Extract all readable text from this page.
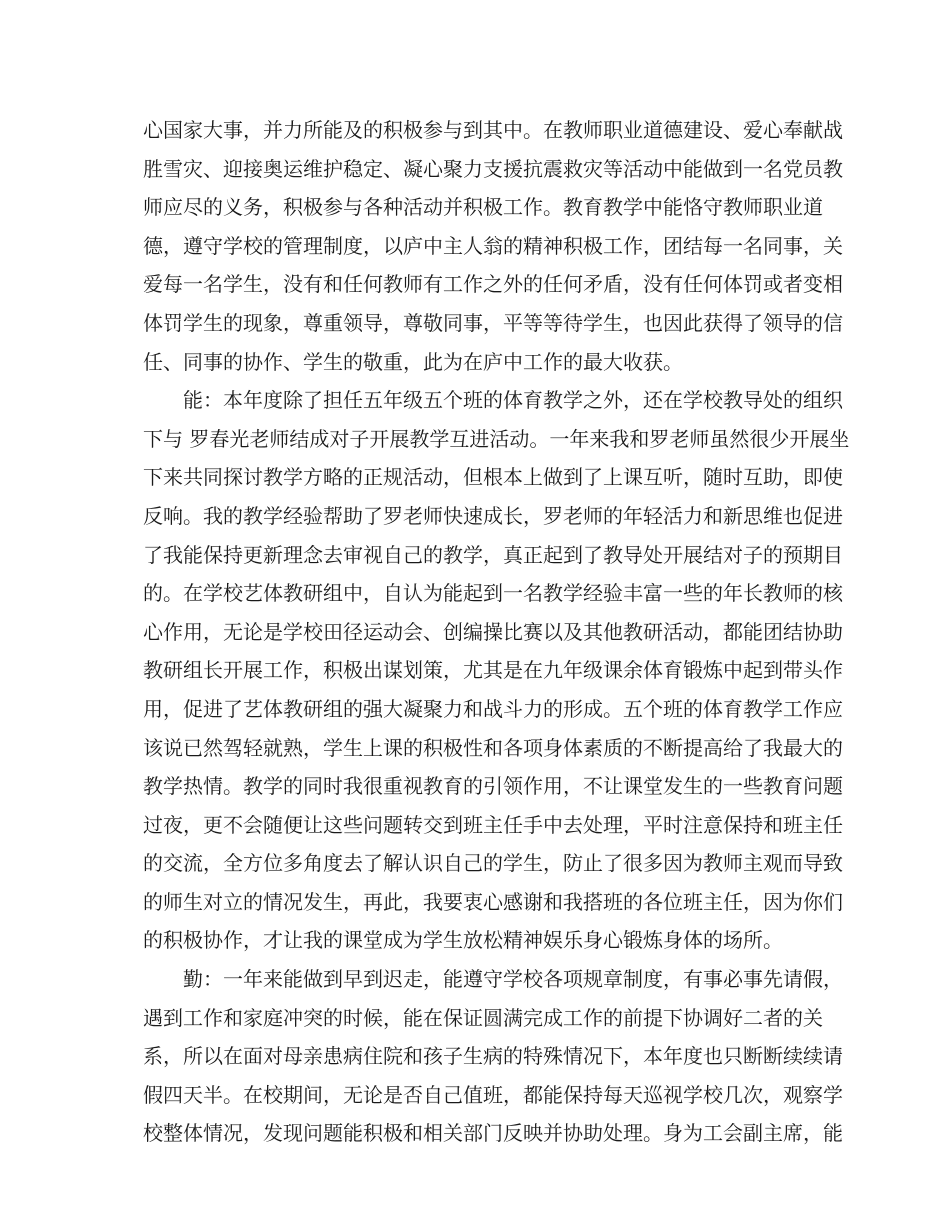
心国家大事，并力所能及的积极参与到其中。在教师职业道德建设、爱心奉献战
胜雪灾、迎接奥运维护稳定、凝心聚力支援抗震救灾等活动中能做到一名党员教
师应尽的义务，积极参与各种活动并积极工作。教育教学中能恪守教师职业道
德，遵守学校的管理制度，以庐中主人翁的精神积极工作，团结每一名同事，关
爱每一名学生，没有和任何教师有工作之外的任何矛盾，没有任何体罚或者变相
体罚学生的现象，尊重领导，尊敬同事，平等等待学生，也因此获得了领导的信
任、同事的协作、学生的敬重，此为在庐中工作的最大收获。
能：本年度除了担任五年级五个班的体育教学之外，还在学校教导处的组织
下与 罗春光老师结成对子开展教学互进活动。一年来我和罗老师虽然很少开展坐
下来共同探讨教学方略的正规活动，但根本上做到了上课互听，随时互助，即使
反响。我的教学经验帮助了罗老师快速成长，罗老师的年轻活力和新思维也促进
了我能保持更新理念去审视自己的教学，真正起到了教导处开展结对子的预期目
的。在学校艺体教研组中，自认为能起到一名教学经验丰富一些的年长教师的核
心作用，无论是学校田径运动会、创编操比赛以及其他教研活动，都能团结协助
教研组长开展工作，积极出谋划策，尤其是在九年级课余体育锻炼中起到带头作
用，促进了艺体教研组的强大凝聚力和战斗力的形成。五个班的体育教学工作应
该说已然驾轻就熟，学生上课的积极性和各项身体素质的不断提高给了我最大的
教学热情。教学的同时我很重视教育的引领作用，不让课堂发生的一些教育问题
过夜，更不会随便让这些问题转交到班主任手中去处理，平时注意保持和班主任
的交流，全方位多角度去了解认识自己的学生，防止了很多因为教师主观而导致
的师生对立的情况发生，再此，我要衷心感谢和我搭班的各位班主任，因为你们
的积极协作，才让我的课堂成为学生放松精神娱乐身心锻炼身体的场所。
勤：一年来能做到早到迟走，能遵守学校各项规章制度，有事必事先请假，
遇到工作和家庭冲突的时候，能在保证圆满完成工作的前提下协调好二者的关
系，所以在面对母亲患病住院和孩子生病的特殊情况下，本年度也只断断续续请
假四天半。在校期间，无论是否自己值班，都能保持每天巡视学校几次，观察学
校整体情况，发现问题能积极和相关部门反映并协助处理。身为工会副主席，能
